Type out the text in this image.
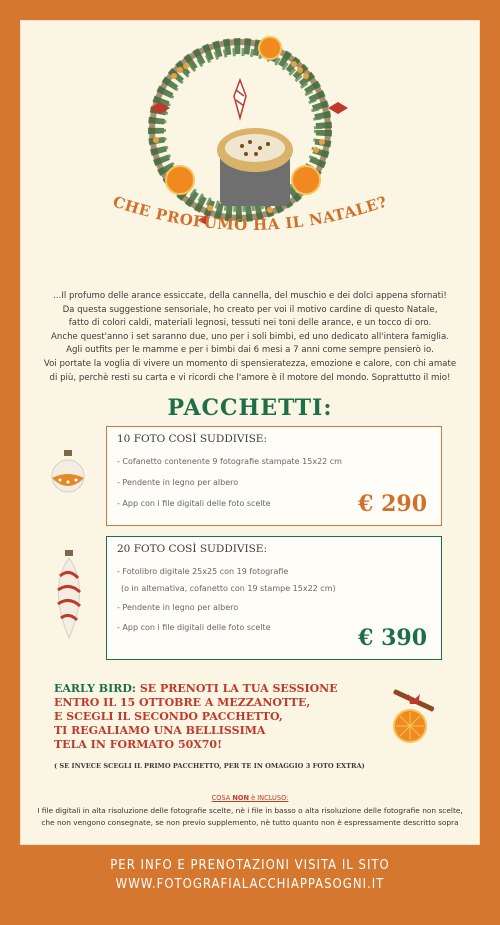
CHE PROFUMO HA IL NATALE?
...Il profumo delle arance essiccate, della cannella, del muschio e dei dolci appena sfornati!
Da questa suggestione sensoriale, ho creato per voi il motivo cardine di questo Natale,
fatto di colori caldi, materiali legnosi, tessuti nei toni delle arance, e un tocco di oro.
Anche quest'anno i set saranno due, uno per i soli bimbi, ed uno dedicato all'intera famiglia.
Agli outfits per le mamme e per i bimbi dai 6 mesi a 7 anni come sempre pensierò io.
Voi portate la voglia di vivere un momento di spensieratezza, emozione e calore, con chi amate
di più, perchè resti su carta e vi ricordi che l'amore è il motore del mondo. Soprattutto il mio!
PACCHETTI:
10 FOTO COSÌ SUDDIVISE:
- Cofanetto contenente 9 fotografie stampate 15x22 cm
- Pendente in legno per albero
- App con i file digitali delle foto scelte	€ 290
20 FOTO COSÌ SUDDIVISE:
- Fotolibro digitale 25x25 con 19 fotografie
(o in alternativa, cofanetto con 19 stampe 15x22 cm)
- Pendente in legno per albero
- App con i file digitali delle foto scelte	€ 390
EARLY BIRD: SE PRENOTI LA TUA SESSIONE
ENTRO IL 15 OTTOBRE A MEZZANOTTE,
E SCEGLI IL SECONDO PACCHETTO,
TI REGALIAMO UNA BELLISSIMA
TELA IN FORMATO 50X70!
( SE INVECE SCEGLI IL PRIMO PACCHETTO, PER TE IN OMAGGIO 3 FOTO EXTRA)
COSA NON è INCLUSO:
I file digitali in alta risoluzione delle fotografie scelte, nè i file in basso o alta risoluzione delle fotografie non scelte,
che non vengono consegnate, se non previo supplemento, nè tutto quanto non è espressamente descritto sopra
PER INFO E PRENOTAZIONI VISITA IL SITO
WWW.FOTOGRAFIALACCHIAPPASOGNI.IT
